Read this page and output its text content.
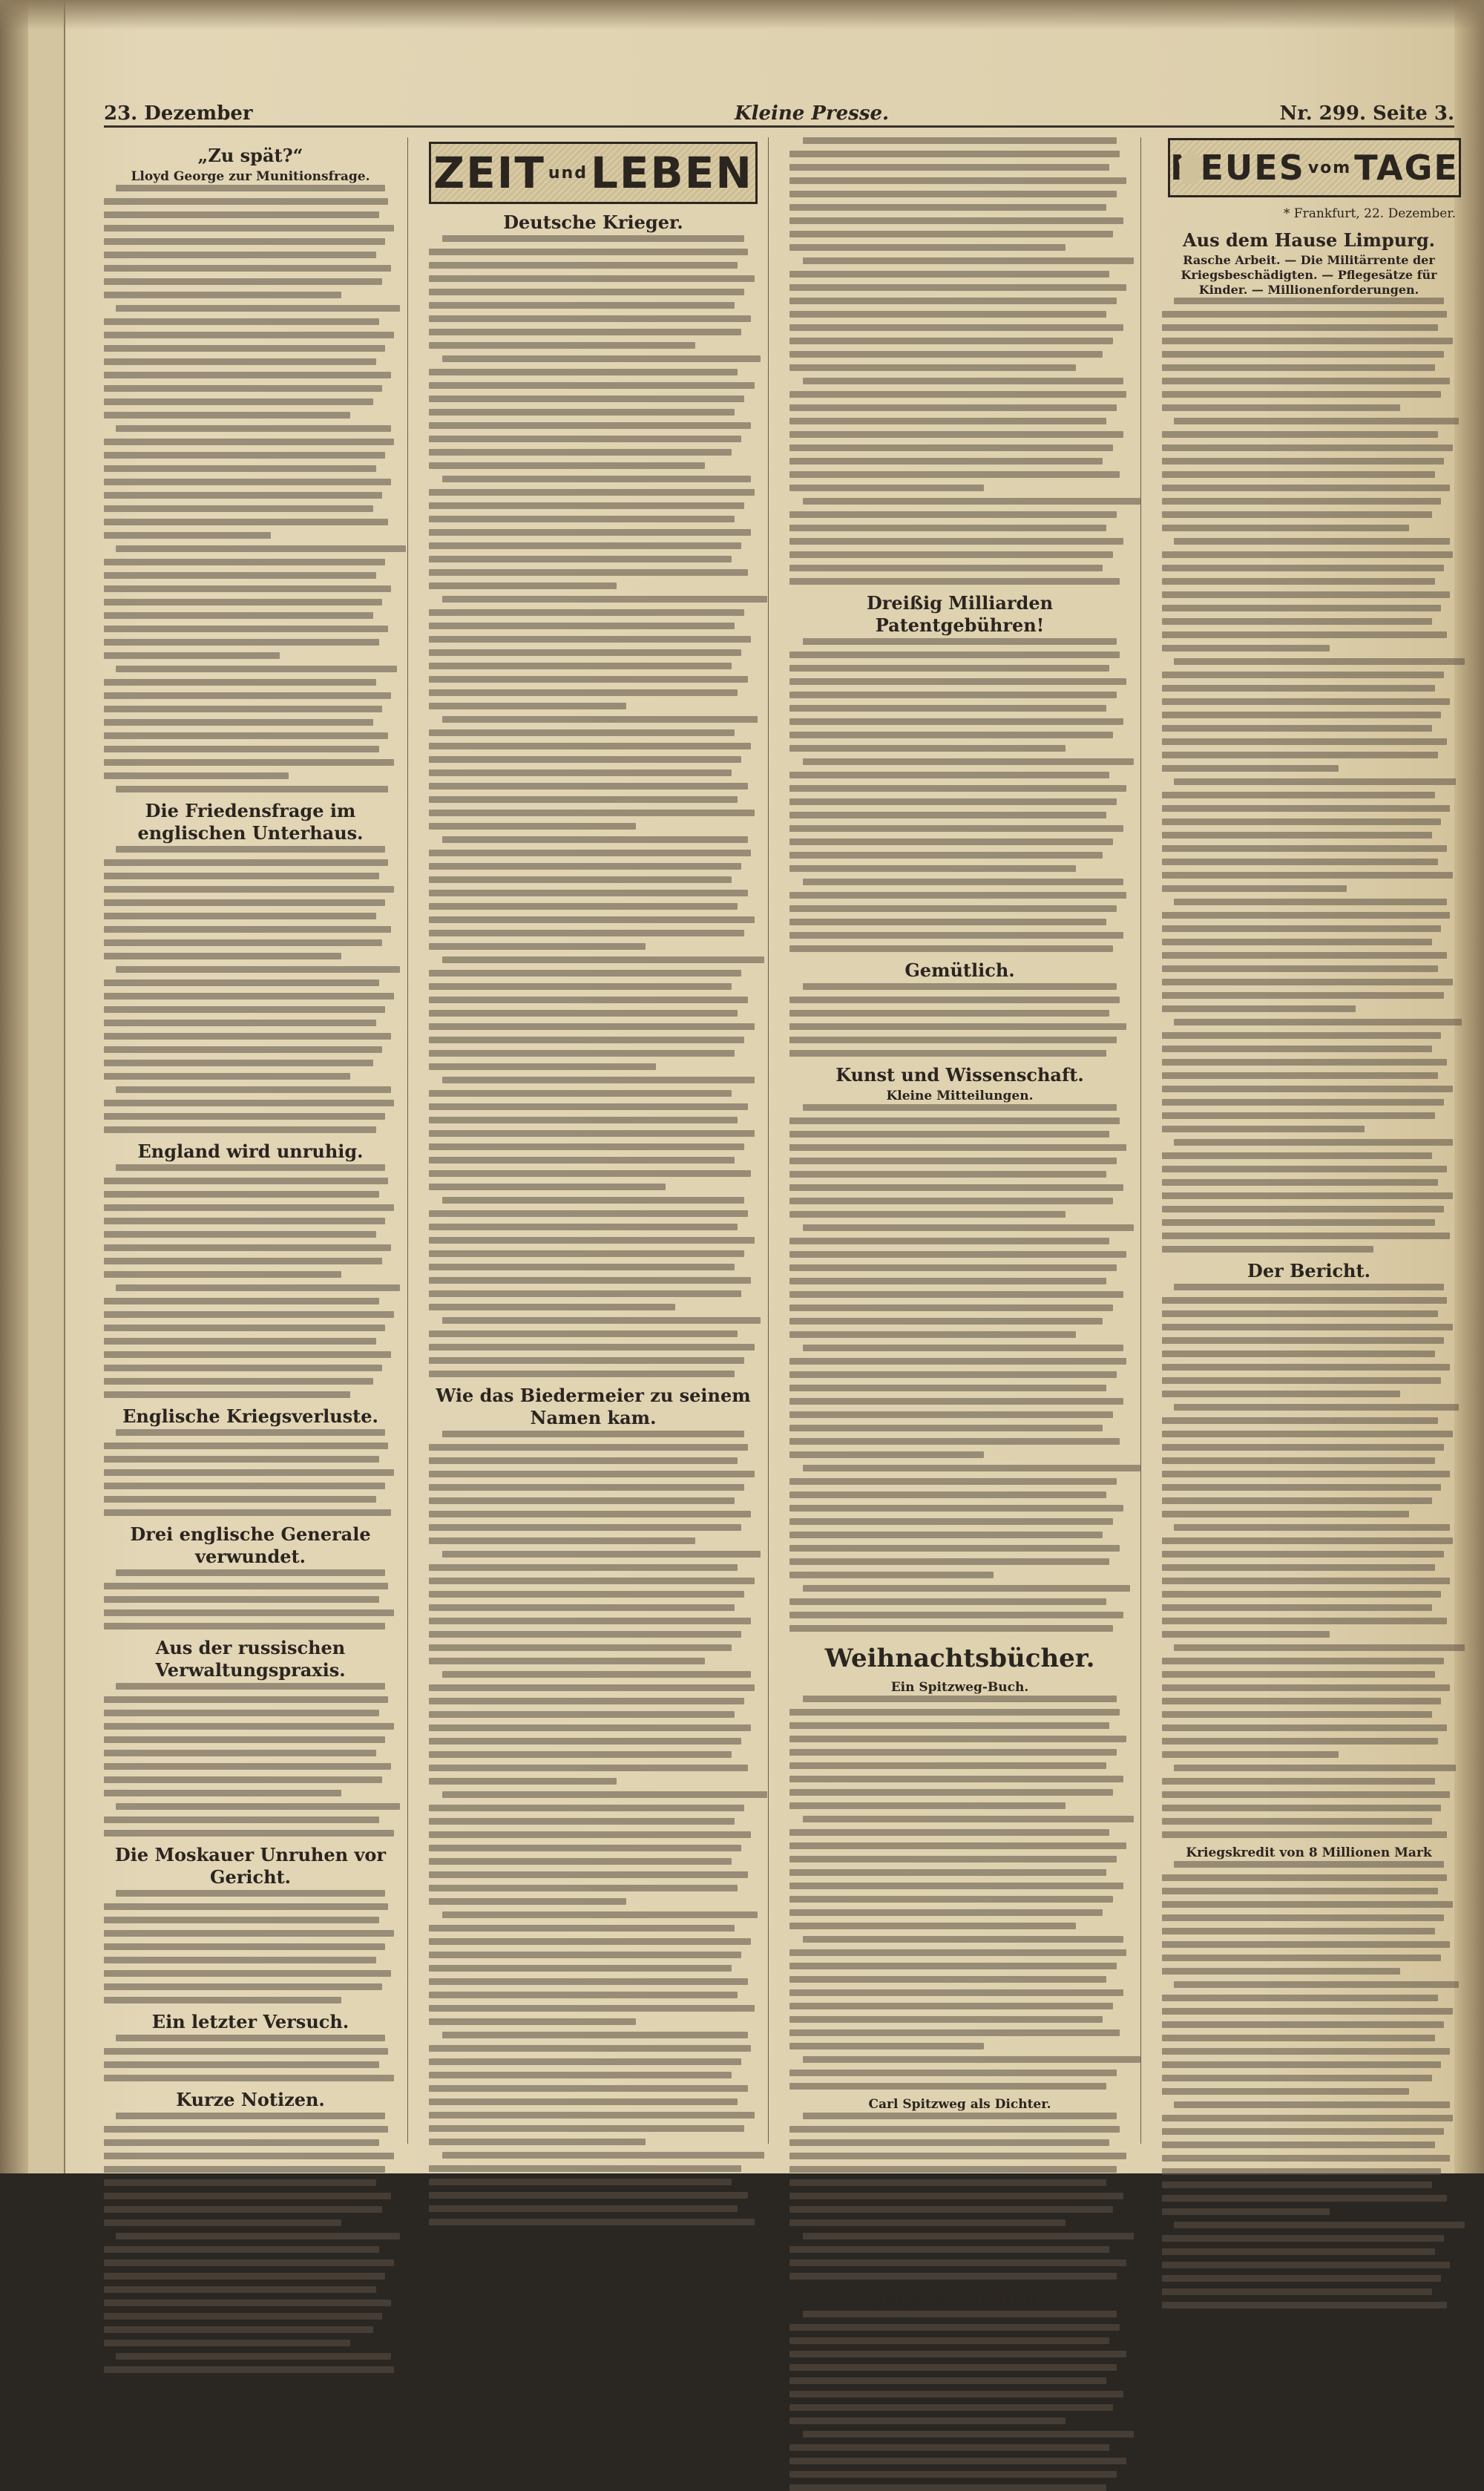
23. Dezember	Kleine Presse.	Nr. 299. Seite 3.
„Zu spät?“
Lloyd George zur Munitionsfrage.
Die Friedensfrage im englischen Unterhaus.
England wird unruhig.
Englische Kriegsverluste.
Drei englische Generale verwundet.
Aus der russischen Verwaltungspraxis.
Die Moskauer Unruhen vor Gericht.
Ein letzter Versuch.
Kurze Notizen.
ZEIT und LEBEN
Deutsche Krieger.
Wie das Biedermeier zu seinem Namen kam.
Dreißig Milliarden Patentgebühren!
Gemütlich.
Kunst und Wissenschaft.
Kleine Mitteilungen.
Weihnachtsbücher.
Ein Spitzweg-Buch.
Carl Spitzweg als Dichter.
Jugendschriften.
NEUES vom TAGE
* Frankfurt, 22. Dezember.
Aus dem Hause Limpurg.
Rasche Arbeit. — Die Militärrente der Kriegsbeschädigten. — Pflegesätze für Kinder. — Millionenforderungen.
Der Bericht.
Kriegskredit von 8 Millionen Mark
